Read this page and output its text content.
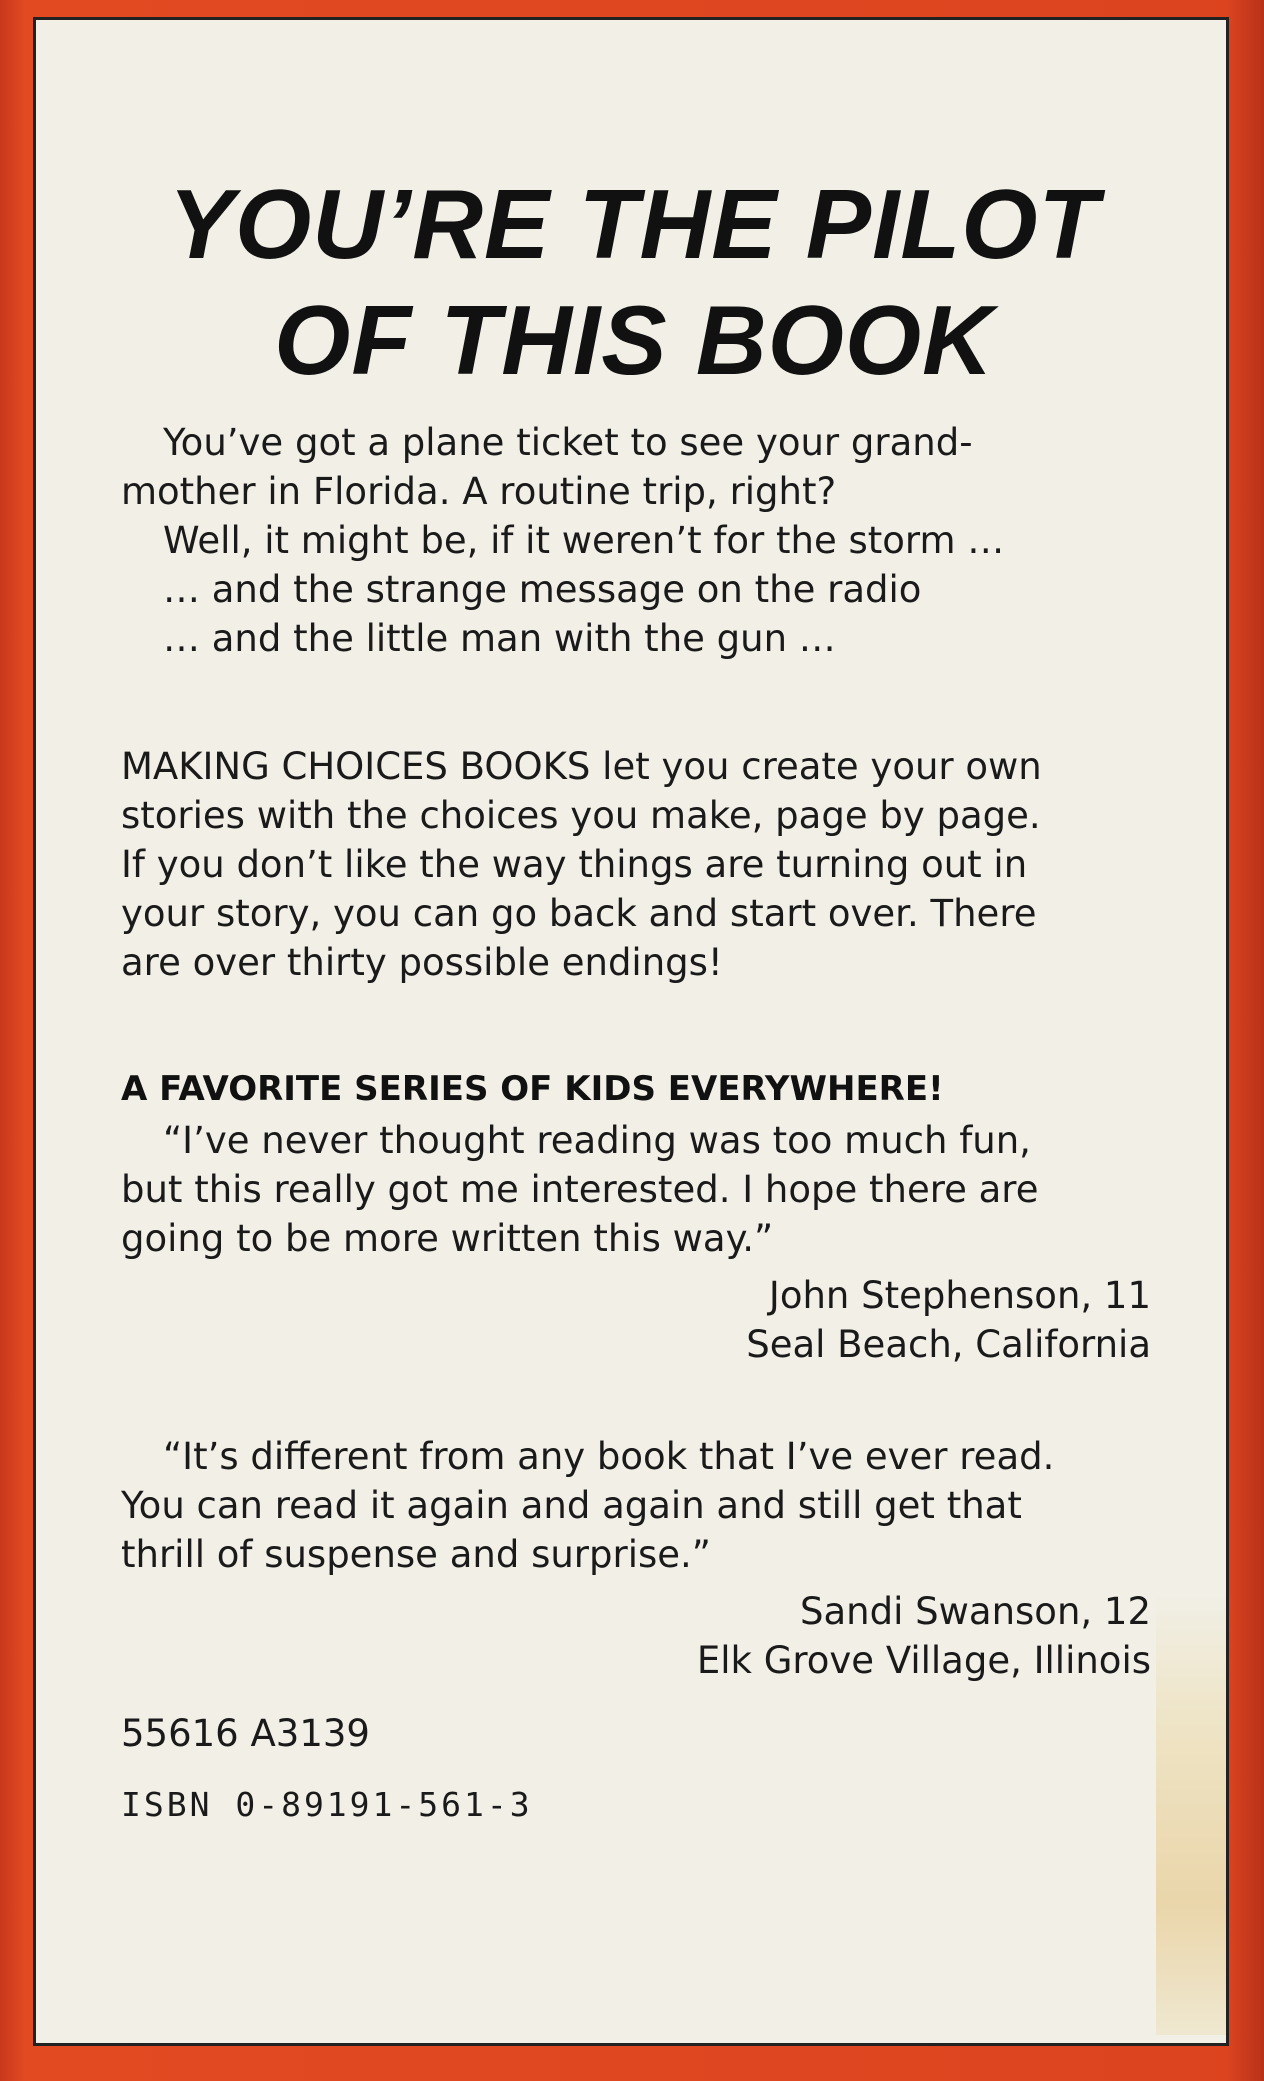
YOU’RE THE PILOT
OF THIS BOOK
You’ve got a plane ticket to see your grand-
mother in Florida. A routine trip, right?
Well, it might be, if it weren’t for the storm …
… and the strange message on the radio
… and the little man with the gun …
MAKING CHOICES BOOKS let you create your own
stories with the choices you make, page by page.
If you don’t like the way things are turning out in
your story, you can go back and start over. There
are over thirty possible endings!
A FAVORITE SERIES OF KIDS EVERYWHERE!
“I’ve never thought reading was too much fun,
but this really got me interested. I hope there are
going to be more written this way.”
John Stephenson, 11
Seal Beach, California
“It’s different from any book that I’ve ever read.
You can read it again and again and still get that
thrill of suspense and surprise.”
Sandi Swanson, 12
Elk Grove Village, Illinois

55616 A3139

ISBN 0-89191-561-3
